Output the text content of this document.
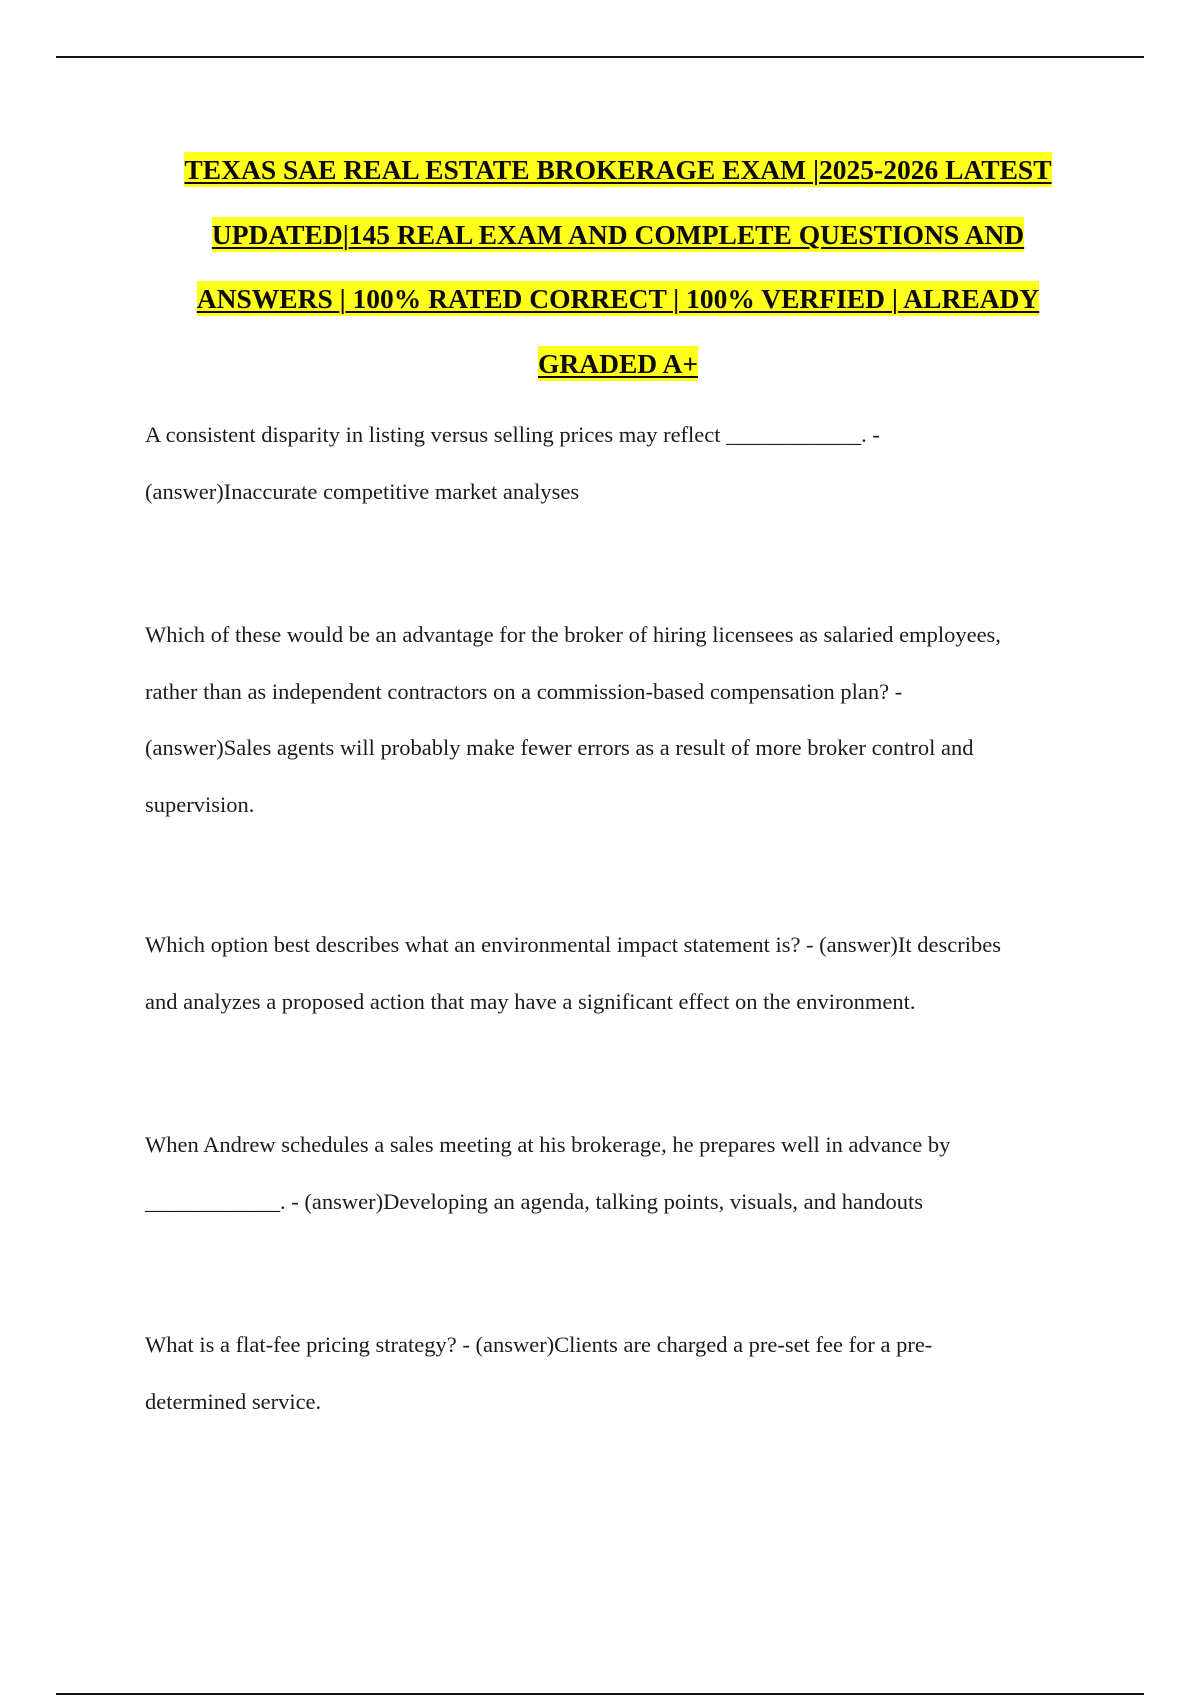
TEXAS SAE REAL ESTATE BROKERAGE EXAM |2025-2026 LATEST
UPDATED|145 REAL EXAM AND COMPLETE QUESTIONS AND
ANSWERS | 100% RATED CORRECT | 100% VERFIED | ALREADY
GRADED A+
A consistent disparity in listing versus selling prices may reflect ____________. -
(answer)Inaccurate competitive market analyses
Which of these would be an advantage for the broker of hiring licensees as salaried employees,
rather than as independent contractors on a commission-based compensation plan? -
(answer)Sales agents will probably make fewer errors as a result of more broker control and
supervision.
Which option best describes what an environmental impact statement is? - (answer)It describes
and analyzes a proposed action that may have a significant effect on the environment.
When Andrew schedules a sales meeting at his brokerage, he prepares well in advance by
____________. - (answer)Developing an agenda, talking points, visuals, and handouts
What is a flat-fee pricing strategy? - (answer)Clients are charged a pre-set fee for a pre-
determined service.
